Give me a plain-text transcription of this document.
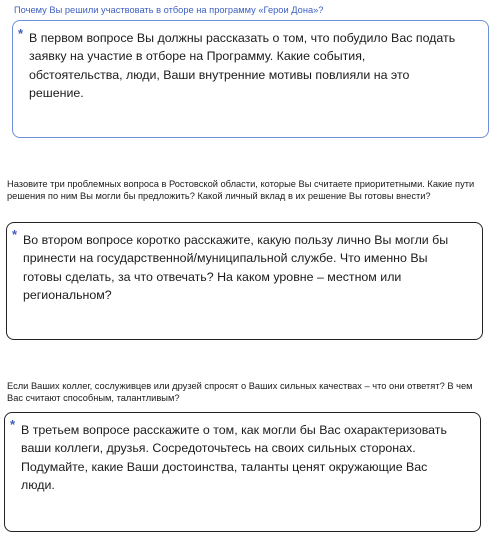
Почему Вы решили участвовать в отборе на программу «Герои Дона»?

* В первом вопросе Вы должны рассказать о том, что побудило Вас подать заявку на участие в отборе на Программу. Какие события, обстоятельства, люди, Ваши внутренние мотивы повлияли на это решение.

Назовите три проблемных вопроса в Ростовской области, которые Вы считаете приоритетными. Какие пути решения по ним Вы могли бы предложить? Какой личный вклад в их решение Вы готовы внести?

* Во втором вопросе коротко расскажите, какую пользу лично Вы могли бы принести на государственной/муниципальной службе. Что именно Вы готовы сделать, за что отвечать? На каком уровне – местном или региональном?

Если Ваших коллег, сослуживцев или друзей спросят о Ваших сильных качествах – что они ответят? В чем Вас считают способным, талантливым?

* В третьем вопросе расскажите о том, как могли бы Вас охарактеризовать ваши коллеги, друзья. Сосредоточьтесь на своих сильных сторонах. Подумайте, какие Ваши достоинства, таланты ценят окружающие Вас люди.
